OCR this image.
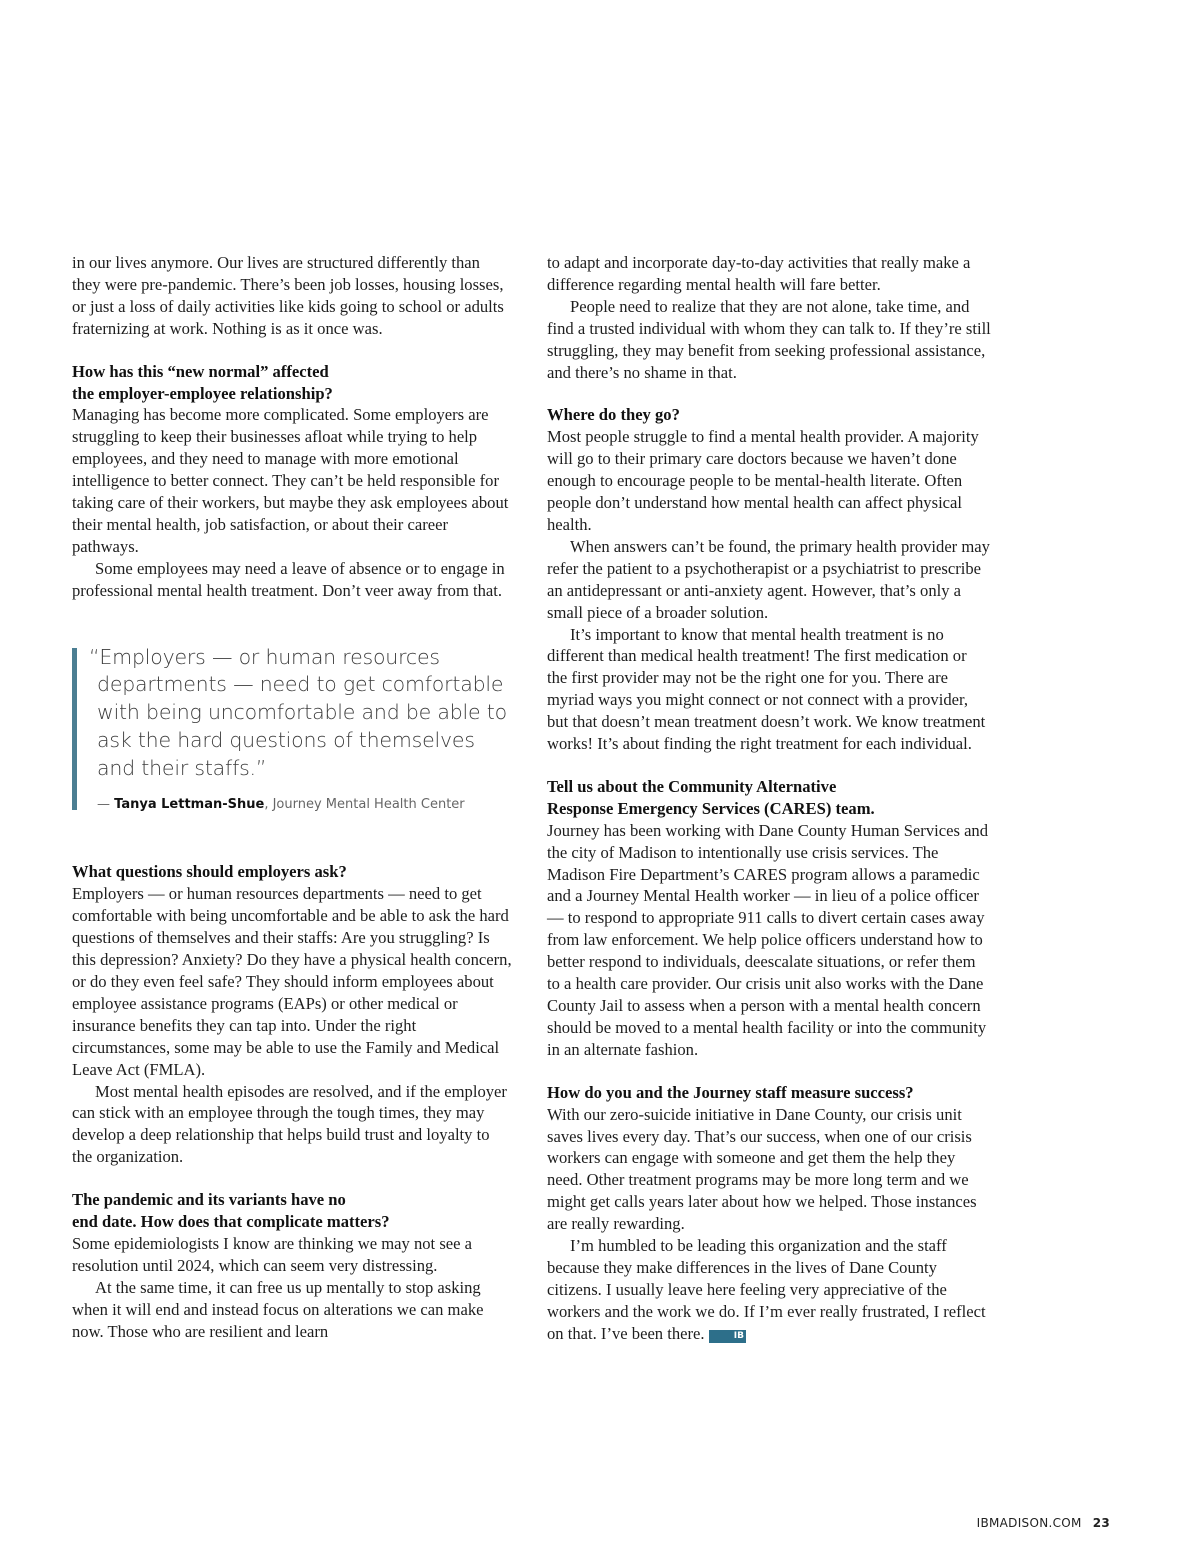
in our lives anymore. Our lives are structured differently than they were pre-pandemic. There’s been job losses, housing losses, or just a loss of daily activities like kids going to school or adults fraternizing at work. Nothing is as it once was.

How has this “new normal” affected
the employer-employee relationship?

Managing has become more complicated. Some employers are struggling to keep their businesses afloat while trying to help employees, and they need to manage with more emotional intelligence to better connect. They can’t be held responsible for taking care of their workers, but maybe they ask employees about their mental health, job satisfaction, or about their career pathways.

Some employees may need a leave of absence or to engage in professional mental health treatment. Don’t veer away from that.

“Employers — or human resources departments — need to get comfortable with being uncomfortable and be able to ask the hard questions of themselves and their staffs.”

— Tanya Lettman-Shue, Journey Mental Health Center

What questions should employers ask?

Employers — or human resources departments — need to get comfortable with being uncomfortable and be able to ask the hard questions of themselves and their staffs: Are you struggling? Is this depression? Anxiety? Do they have a physical health concern, or do they even feel safe? They should inform employees about employee assistance programs (EAPs) or other medical or insurance benefits they can tap into. Under the right circumstances, some may be able to use the Family and Medical Leave Act (FMLA).

Most mental health episodes are resolved, and if the employer can stick with an employee through the tough times, they may develop a deep relationship that helps build trust and loyalty to the organization.

The pandemic and its variants have no
end date. How does that complicate matters?

Some epidemiologists I know are thinking we may not see a resolution until 2024, which can seem very distressing.

At the same time, it can free us up mentally to stop asking when it will end and instead focus on alterations we can make now. Those who are resilient and learn

to adapt and incorporate day-to-day activities that really make a difference regarding mental health will fare better.

People need to realize that they are not alone, take time, and find a trusted individual with whom they can talk to. If they’re still struggling, they may benefit from seeking professional assistance, and there’s no shame in that.

Where do they go?

Most people struggle to find a mental health provider. A majority will go to their primary care doctors because we haven’t done enough to encourage people to be mental-health literate. Often people don’t understand how mental health can affect physical health.

When answers can’t be found, the primary health provider may refer the patient to a psychotherapist or a psychiatrist to prescribe an antidepressant or anti-anxiety agent. However, that’s only a small piece of a broader solution.

It’s important to know that mental health treatment is no different than medical health treatment! The first medication or the first provider may not be the right one for you. There are myriad ways you might connect or not connect with a provider, but that doesn’t mean treatment doesn’t work. We know treatment works! It’s about finding the right treatment for each individual.

Tell us about the Community Alternative
Response Emergency Services (CARES) team.

Journey has been working with Dane County Human Services and the city of Madison to intentionally use crisis services. The Madison Fire Department’s CARES program allows a paramedic and a Journey Mental Health worker — in lieu of a police officer — to respond to appropriate 911 calls to divert certain cases away from law enforcement. We help police officers understand how to better respond to individuals, deescalate situations, or refer them to a health care provider. Our crisis unit also works with the Dane County Jail to assess when a person with a mental health concern should be moved to a mental health facility or into the community in an alternate fashion.

How do you and the Journey staff measure success?

With our zero-suicide initiative in Dane County, our crisis unit saves lives every day. That’s our success, when one of our crisis workers can engage with someone and get them the help they need. Other treatment programs may be more long term and we might get calls years later about how we helped. Those instances are really rewarding.

I’m humbled to be leading this organization and the staff because they make differences in the lives of Dane County citizens. I usually leave here feeling very appreciative of the workers and the work we do. If I’m ever really frustrated, I reflect on that. I’ve been there.	IB

IBMADISON.COM 23
